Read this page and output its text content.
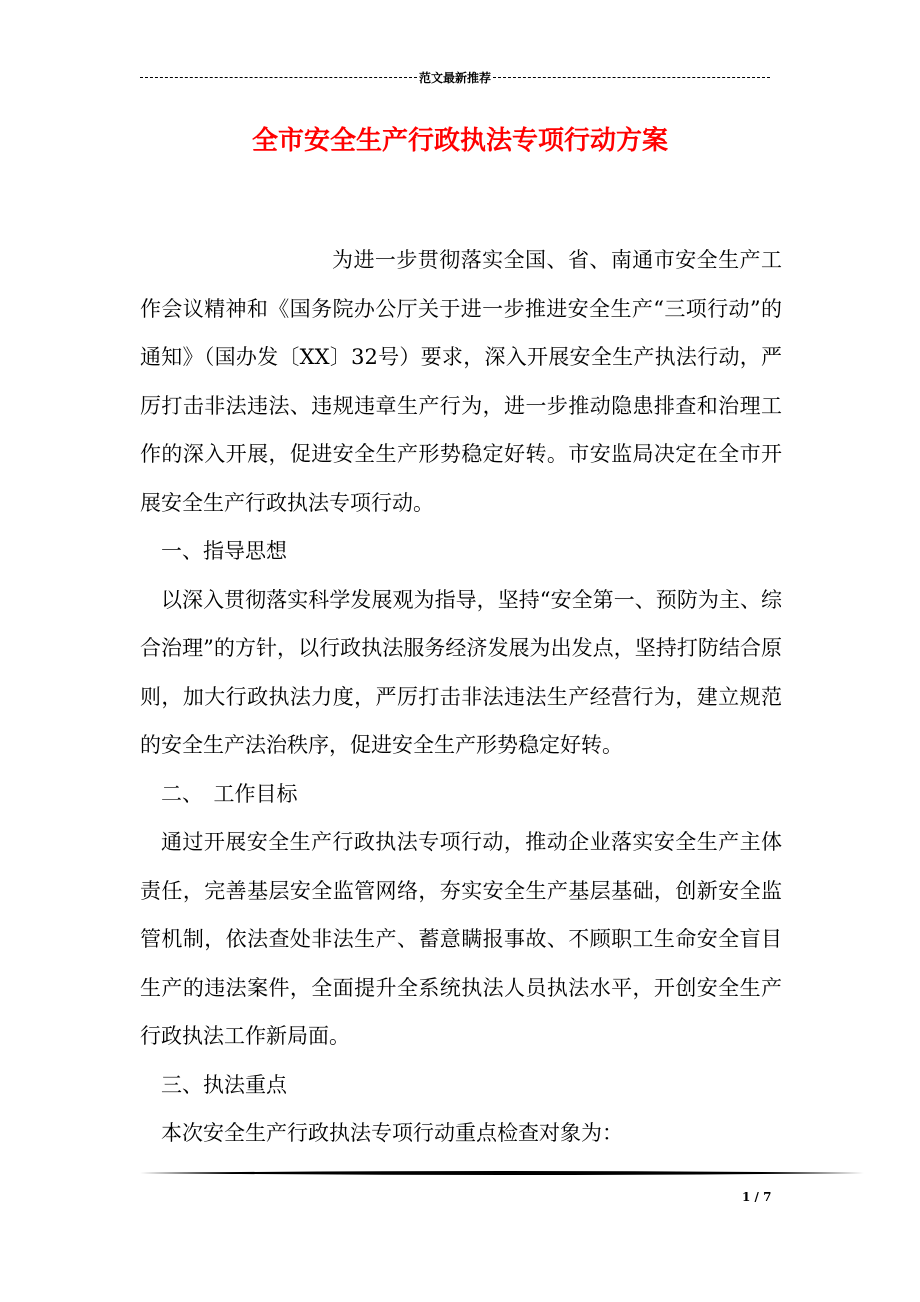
范文最新推荐
全市安全生产行政执法专项行动方案

为进一步贯彻落实全国、省、南通市安全生产工作会议精神和《国务院办公厅关于进一步推进安全生产“三项行动”的通知》（国办发〔XX〕32号）要求，深入开展安全生产执法行动，严厉打击非法违法、违规违章生产行为，进一步推动隐患排查和治理工作的深入开展，促进安全生产形势稳定好转。市安监局决定在全市开展安全生产行政执法专项行动。

一、指导思想

以深入贯彻落实科学发展观为指导，坚持“安全第一、预防为主、综合治理”的方针，以行政执法服务经济发展为出发点，坚持打防结合原则，加大行政执法力度，严厉打击非法违法生产经营行为，建立规范的安全生产法治秩序，促进安全生产形势稳定好转。

二、　工作目标

通过开展安全生产行政执法专项行动，推动企业落实安全生产主体责任，完善基层安全监管网络，夯实安全生产基层基础，创新安全监管机制，依法查处非法生产、蓄意瞒报事故、不顾职工生命安全盲目生产的违法案件，全面提升全系统执法人员执法水平，开创安全生产行政执法工作新局面。

三、执法重点

本次安全生产行政执法专项行动重点检查对象为：

1 / 7
